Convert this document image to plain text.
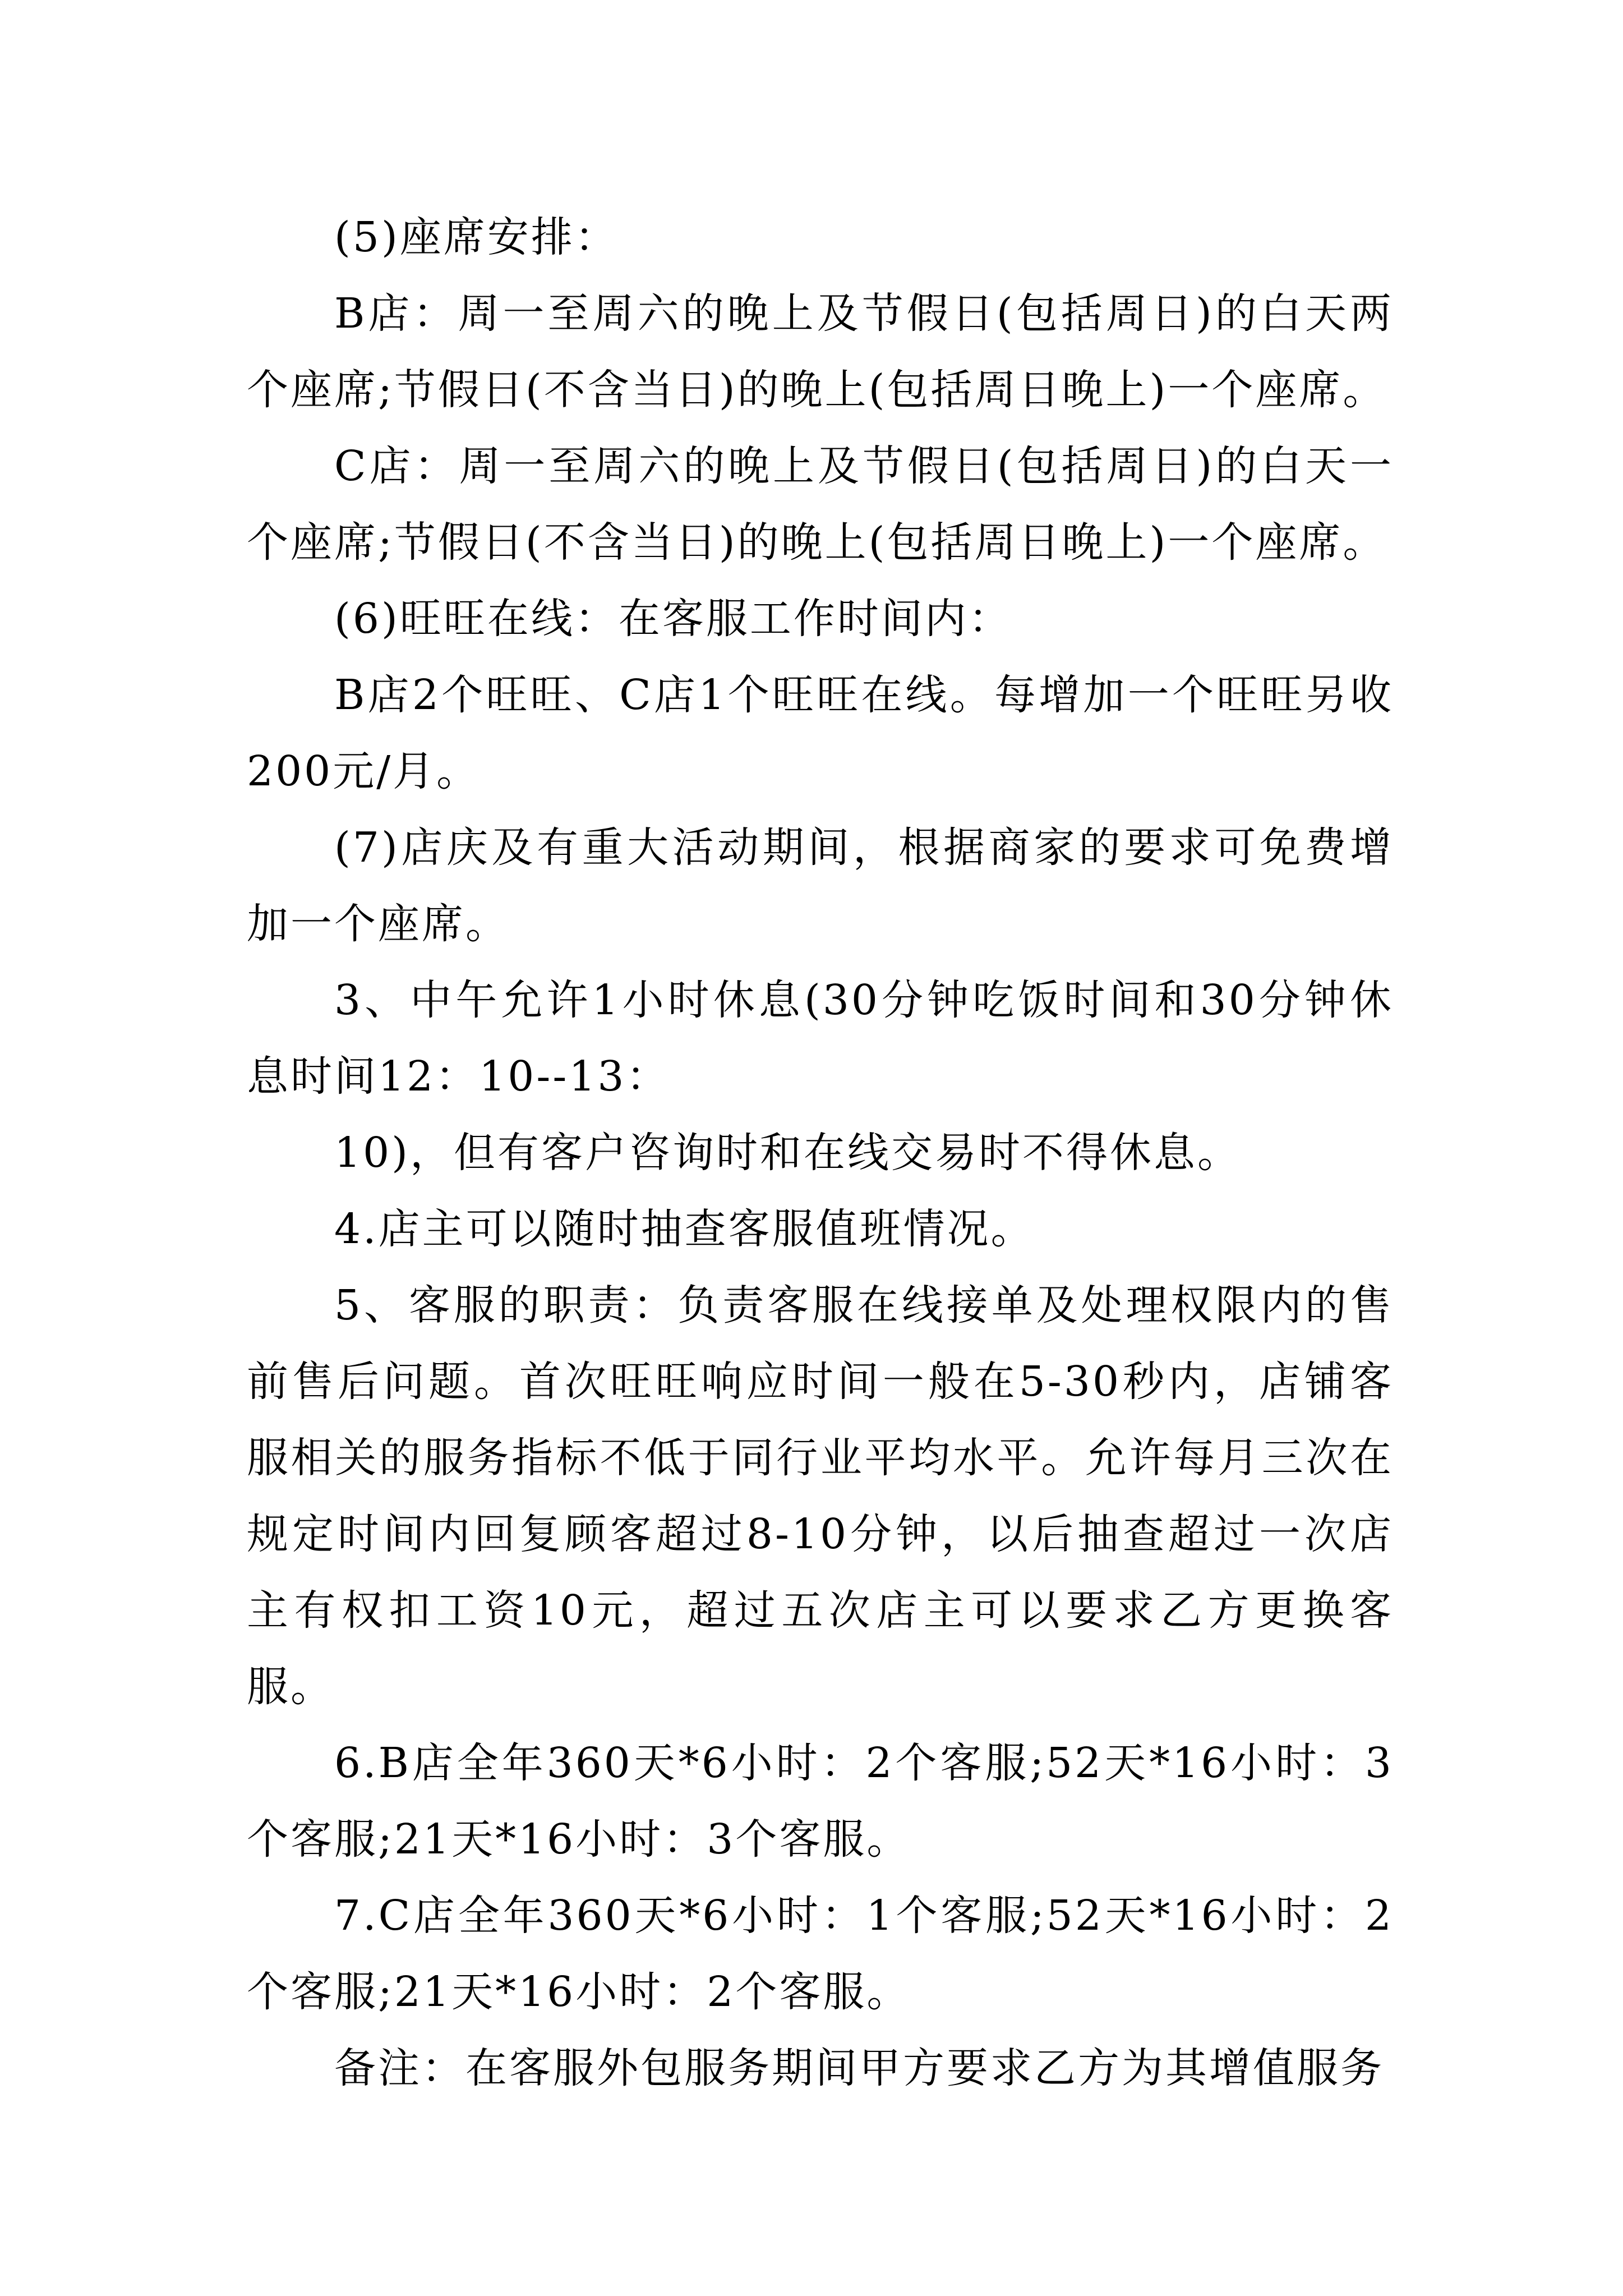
(5)座席安排：

B店：周一至周六的晚上及节假日(包括周日)的白天两个座席;节假日(不含当日)的晚上(包括周日晚上)一个座席。

C店：周一至周六的晚上及节假日(包括周日)的白天一个座席;节假日(不含当日)的晚上(包括周日晚上)一个座席。

(6)旺旺在线：在客服工作时间内：

B店2个旺旺、C店1个旺旺在线。每增加一个旺旺另收200元/月。

(7)店庆及有重大活动期间，根据商家的要求可免费增加一个座席。

3、中午允许1小时休息(30分钟吃饭时间和30分钟休息时间12：10--13：

10)，但有客户咨询时和在线交易时不得休息。

4.店主可以随时抽查客服值班情况。

5、客服的职责：负责客服在线接单及处理权限内的售前售后问题。首次旺旺响应时间一般在5-30秒内，店铺客服相关的服务指标不低于同行业平均水平。允许每月三次在规定时间内回复顾客超过8-10分钟，以后抽查超过一次店主有权扣工资10元，超过五次店主可以要求乙方更换客服。

6.B店全年360天*6小时：2个客服;52天*16小时：3个客服;21天*16小时：3个客服。

7.C店全年360天*6小时：1个客服;52天*16小时：2个客服;21天*16小时：2个客服。

备注：在客服外包服务期间甲方要求乙方为其增值服务
